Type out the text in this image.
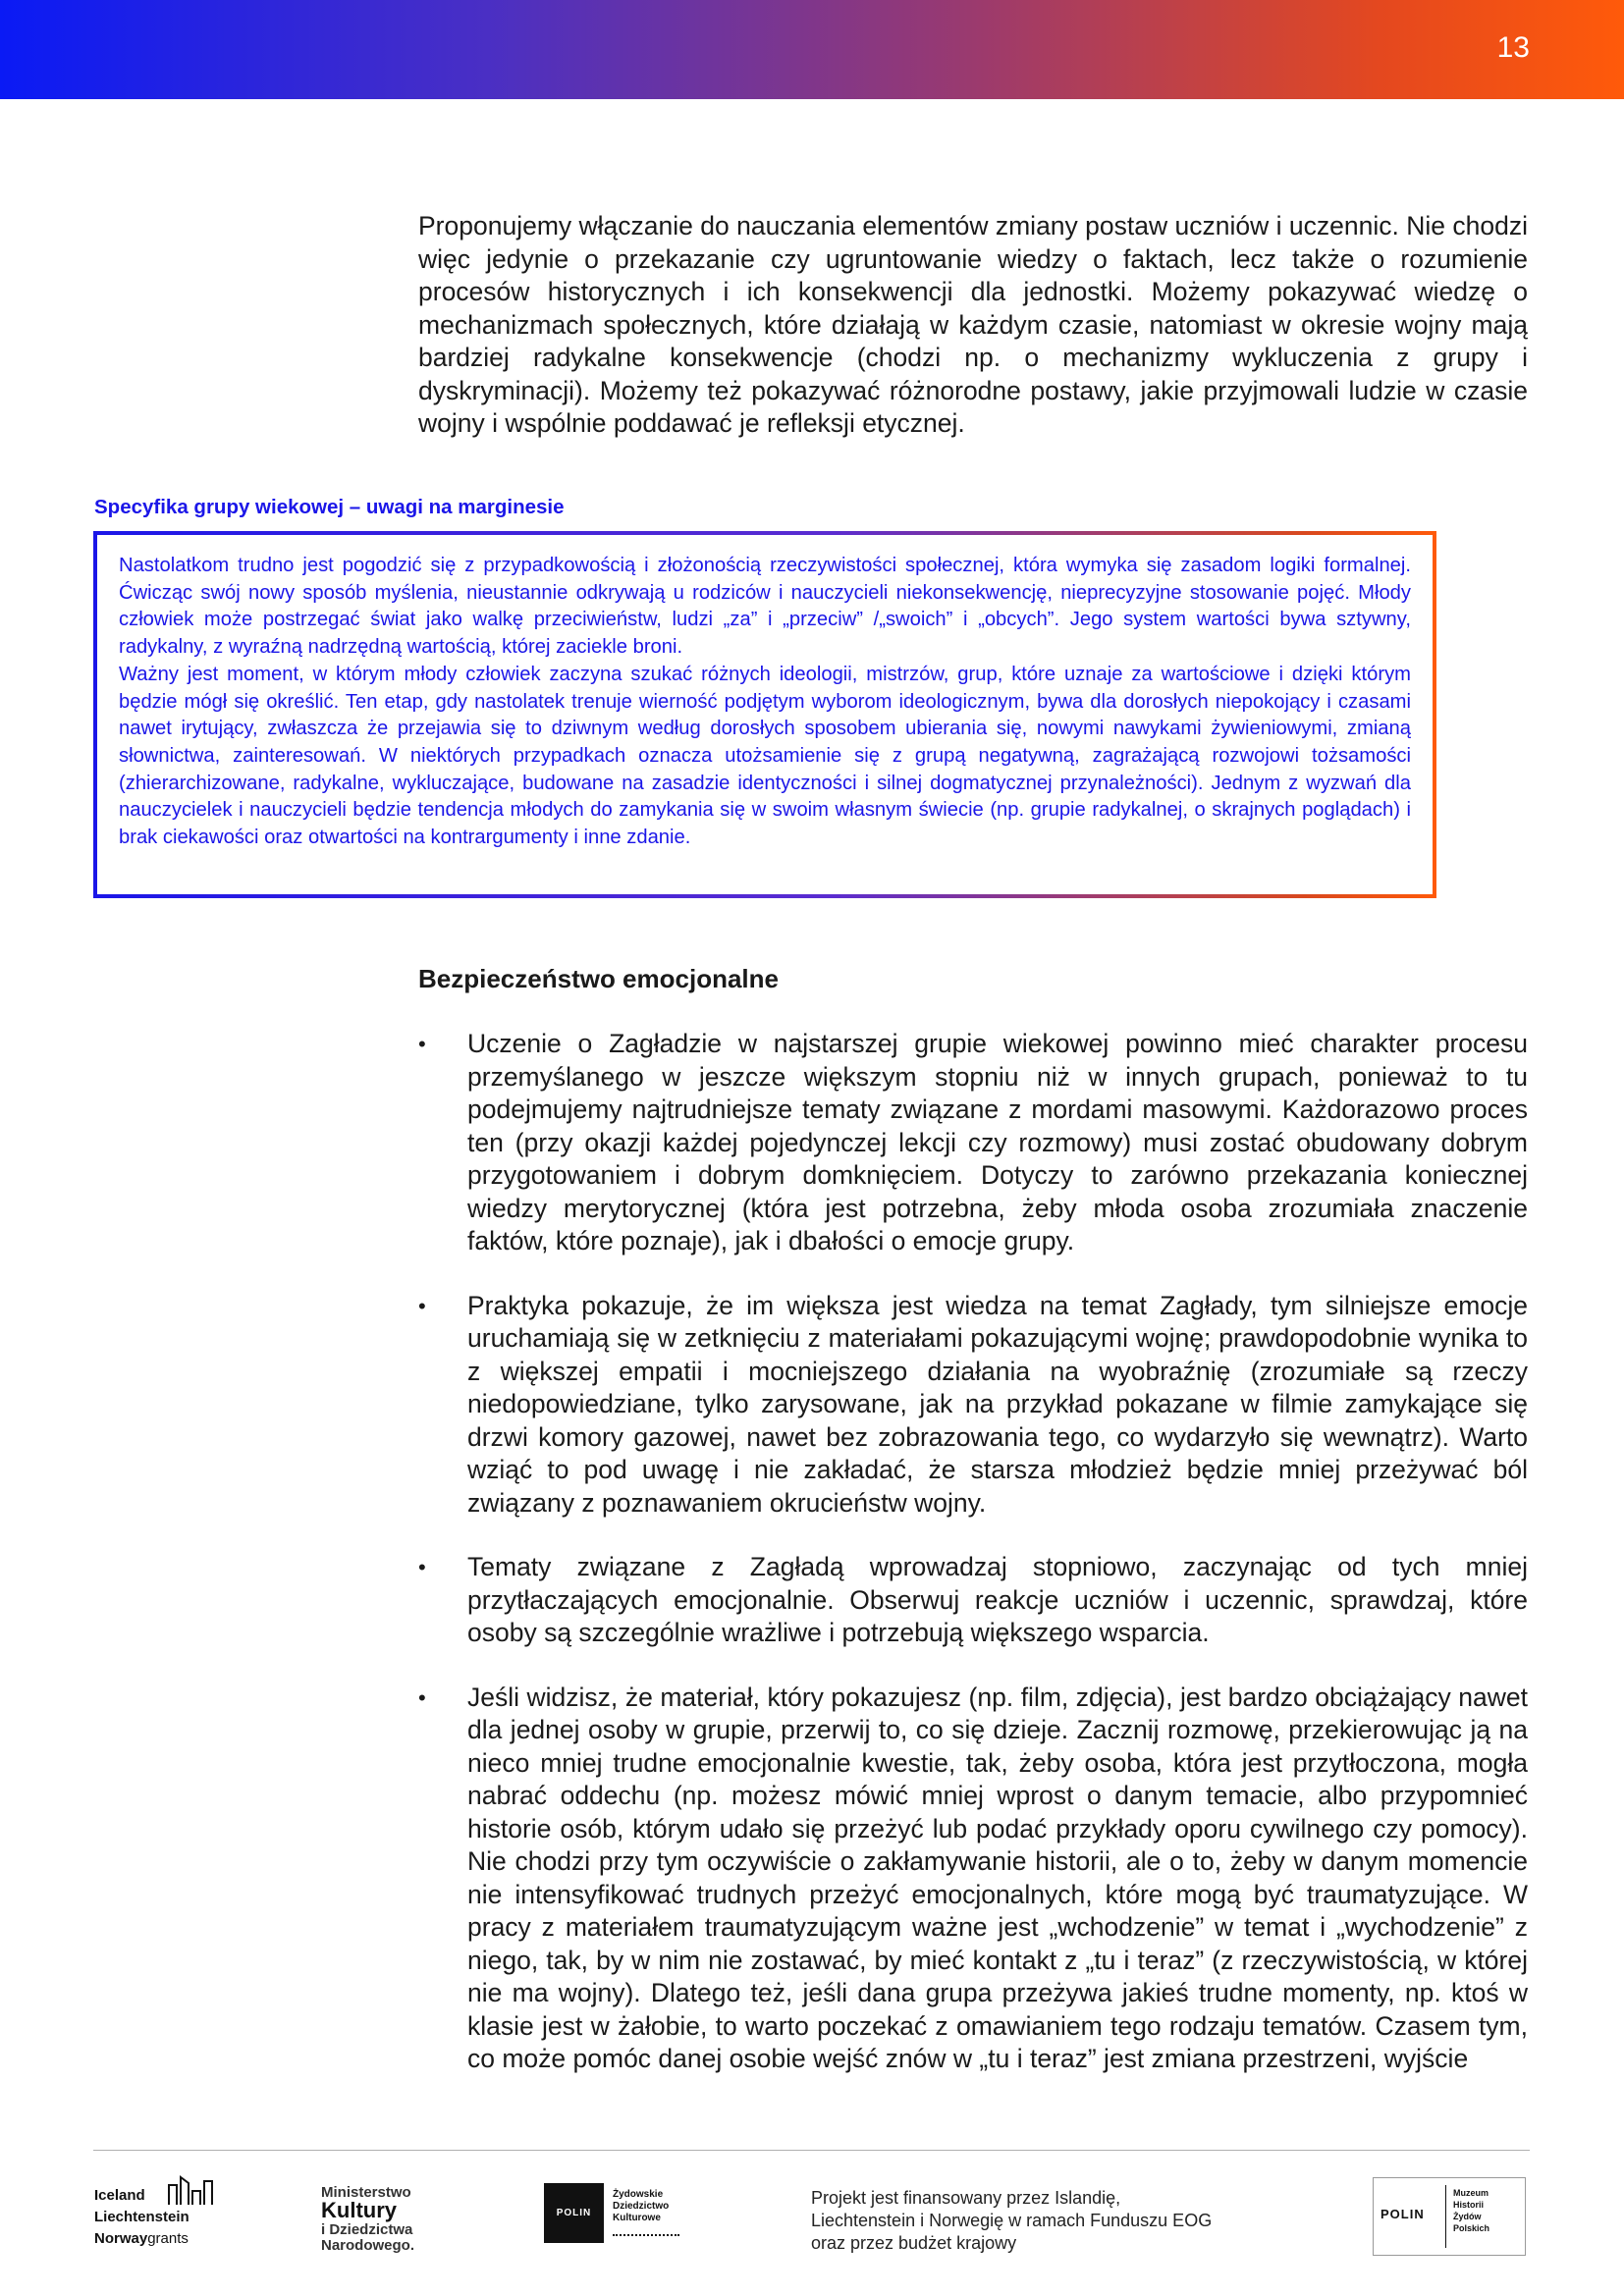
13

Proponujemy włączanie do nauczania elementów zmiany postaw uczniów i uczennic. Nie chodzi więc jedynie o przekazanie czy ugruntowanie wiedzy o faktach, lecz także o rozumienie procesów historycznych i ich konsekwencji dla jednostki. Możemy pokazywać wiedzę o mechanizmach społecznych, które działają w każdym czasie, natomiast w okresie wojny mają bardziej radykalne konsekwencje (chodzi np. o mechanizmy wykluczenia z grupy i dyskryminacji). Możemy też pokazywać różnorodne postawy, jakie przyjmowali ludzie w czasie wojny i wspólnie poddawać je refleksji etycznej.

Specyfika grupy wiekowej – uwagi na marginesie

Nastolatkom trudno jest pogodzić się z przypadkowością i złożonością rzeczywistości społecznej, która wymyka się zasadom logiki formalnej. Ćwicząc swój nowy sposób myślenia, nieustannie odkrywają u rodziców i nauczycieli niekonsekwencję, nieprecyzyjne stosowanie pojęć. Młody człowiek może postrzegać świat jako walkę przeciwieństw, ludzi „za” i „przeciw” /„swoich” i „obcych”. Jego system wartości bywa sztywny, radykalny, z wyraźną nadrzędną wartością, której zaciekle broni.
Ważny jest moment, w którym młody człowiek zaczyna szukać różnych ideologii, mistrzów, grup, które uznaje za wartościowe i dzięki którym będzie mógł się określić. Ten etap, gdy nastolatek trenuje wierność podjętym wyborom ideologicznym, bywa dla dorosłych niepokojący i czasami nawet irytujący, zwłaszcza że przejawia się to dziwnym według dorosłych sposobem ubierania się, nowymi nawykami żywieniowymi, zmianą słownictwa, zainteresowań. W niektórych przypadkach oznacza utożsamienie się z grupą negatywną, zagrażającą rozwojowi tożsamości (zhierarchizowane, radykalne, wykluczające, budowane na zasadzie identyczności i silnej dogmatycznej przynależności). Jednym z wyzwań dla nauczycielek i nauczycieli będzie tendencja młodych do zamykania się w swoim własnym świecie (np. grupie radykalnej, o skrajnych poglądach) i brak ciekawości oraz otwartości na kontrargumenty i inne zdanie.

Bezpieczeństwo emocjonalne
•	Uczenie o Zagładzie w najstarszej grupie wiekowej powinno mieć charakter procesu przemyślanego w jeszcze większym stopniu niż w innych grupach, ponieważ to tu podejmujemy najtrudniejsze tematy związane z mordami masowymi. Każdorazowo proces ten (przy okazji każdej pojedynczej lekcji czy rozmowy) musi zostać obudowany dobrym przygotowaniem i dobrym domknięciem. Dotyczy to zarówno przekazania koniecznej wiedzy merytorycznej (która jest potrzebna, żeby młoda osoba zrozumiała znaczenie faktów, które poznaje), jak i dbałości o emocje grupy.
•	Praktyka pokazuje, że im większa jest wiedza na temat Zagłady, tym silniejsze emocje uruchamiają się w zetknięciu z materiałami pokazującymi wojnę; prawdopodobnie wynika to z większej empatii i mocniejszego działania na wyobraźnię (zrozumiałe są rzeczy niedopowiedziane, tylko zarysowane, jak na przykład pokazane w filmie zamykające się drzwi komory gazowej, nawet bez zobrazowania tego, co wydarzyło się wewnątrz). Warto wziąć to pod uwagę i nie zakładać, że starsza młodzież będzie mniej przeżywać ból związany z poznawaniem okrucieństw wojny.
•	Tematy związane z Zagładą wprowadzaj stopniowo, zaczynając od tych mniej przytłaczających emocjonalnie. Obserwuj reakcje uczniów i uczennic, sprawdzaj, które osoby są szczególnie wrażliwe i potrzebują większego wsparcia.
•	Jeśli widzisz, że materiał, który pokazujesz (np. film, zdjęcia), jest bardzo obciążający nawet dla jednej osoby w grupie, przerwij to, co się dzieje. Zacznij rozmowę, przekierowując ją na nieco mniej trudne emocjonalnie kwestie, tak, żeby osoba, która jest przytłoczona, mogła nabrać oddechu (np. możesz mówić mniej wprost o danym temacie, albo przypomnieć historie osób, którym udało się przeżyć lub podać przykłady oporu cywilnego czy pomocy). Nie chodzi przy tym oczywiście o zakłamywanie historii, ale o to, żeby w danym momencie nie intensyfikować trudnych przeżyć emocjonalnych, które mogą być traumatyzujące. W pracy z materiałem traumatyzującym ważne jest „wchodzenie” w temat i „wychodzenie” z niego, tak, by w nim nie zostawać, by mieć kontakt z „tu i teraz” (z rzeczywistością, w której nie ma wojny). Dlatego też, jeśli dana grupa przeżywa jakieś trudne momenty, np. ktoś w klasie jest w żałobie, to warto poczekać z omawianiem tego rodzaju tematów. Czasem tym, co może pomóc danej osobie wejść znów w „tu i teraz” jest zmiana przestrzeni, wyjście
Iceland
Liechtenstein
Norwaygrants
Ministerstwo
Kultury
i Dziedzictwa
Narodowego.
POLIN
Żydowskie
Dziedzictwo
Kulturowe

Projekt jest finansowany przez Islandię,
Liechtenstein i Norwegię w ramach Funduszu EOG
oraz przez budżet krajowy

POLIN
Muzeum
Historii
Żydów
Polskich
